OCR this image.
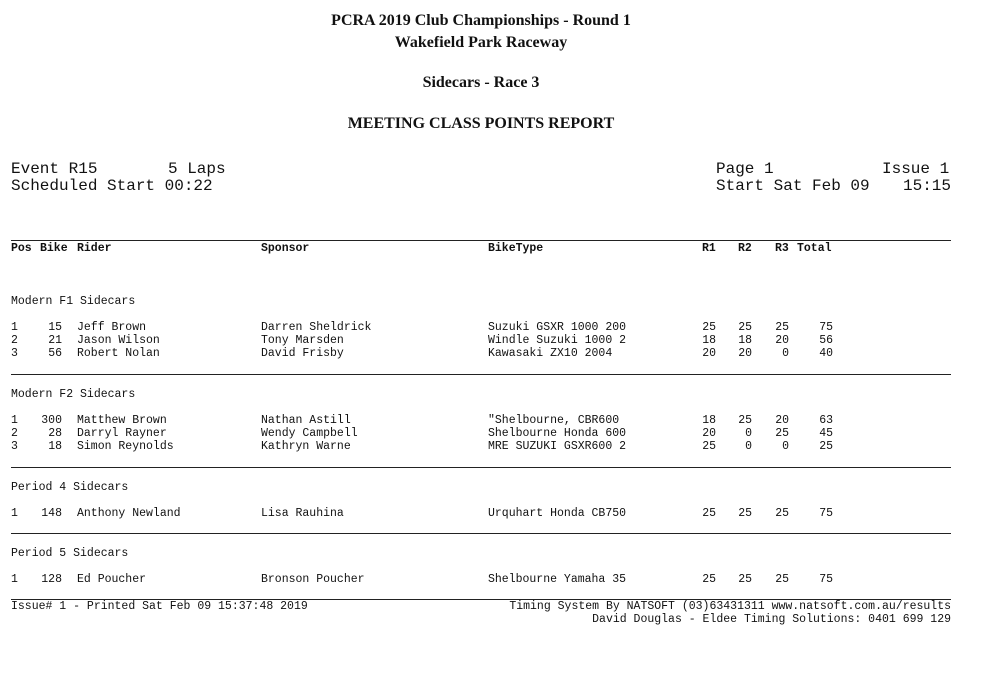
PCRA 2019 Club Championships - Round 1
Wakefield Park Raceway
Sidecars - Race 3
MEETING CLASS POINTS REPORT
Event R15	5 Laps
Scheduled Start 00:22
Page 1	Issue 1
Start Sat Feb 09 15:15
Pos Bike Rider	Sponsor	BikeType	R1 R2 R3 Total
Modern F1 Sidecars
1	15 Jeff Brown	Darren Sheldrick	Suzuki GSXR 1000 200	25	25	25	75
2	21 Jason Wilson	Tony Marsden	Windle Suzuki 1000 2	18	18	20	56
3	56 Robert Nolan	David Frisby	Kawasaki ZX10 2004	20	20	0	40
Modern F2 Sidecars
1	300 Matthew Brown	Nathan Astill	"Shelbourne, CBR600	18	25	20	63
2	28 Darryl Rayner	Wendy Campbell	Shelbourne Honda 600	20	0	25	45
3	18 Simon Reynolds	Kathryn Warne	MRE SUZUKI GSXR600 2	25	0	0	25
Period 4 Sidecars
1	148 Anthony Newland	Lisa Rauhina	Urquhart Honda CB750	25	25	25	75
Period 5 Sidecars
1	128 Ed Poucher	Bronson Poucher	Shelbourne Yamaha 35	25	25	25	75
Issue# 1 - Printed Sat Feb 09 15:37:48 2019	Timing System By NATSOFT (03)63431311 www.natsoft.com.au/results
David Douglas - Eldee Timing Solutions: 0401 699 129
